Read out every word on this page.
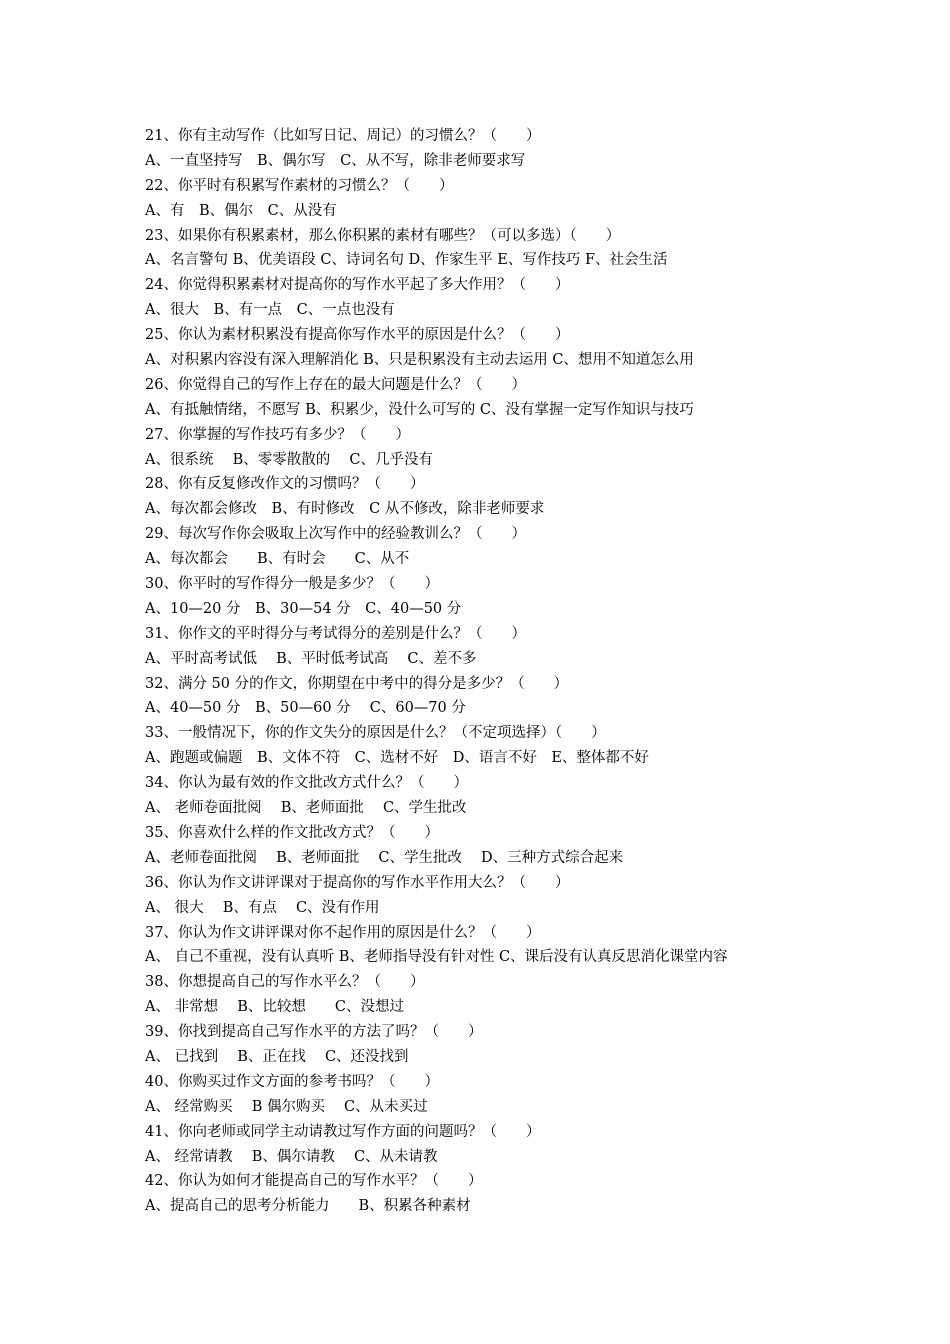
21、你有主动写作（比如写日记、周记）的习惯么？（　　）
A、一直坚持写　B、偶尔写　C、从不写，除非老师要求写
22、你平时有积累写作素材的习惯么？（　　）
A、有　B、偶尔　C、从没有
23、如果你有积累素材，那么你积累的素材有哪些？（可以多选）（　　）
A、名言警句 B、优美语段 C、诗词名句 D、作家生平 E、写作技巧 F、社会生活
24、你觉得积累素材对提高你的写作水平起了多大作用？（　　）
A、很大　B、有一点　C、一点也没有
25、你认为素材积累没有提高你写作水平的原因是什么？（　　）
A、对积累内容没有深入理解消化 B、只是积累没有主动去运用 C、想用不知道怎么用
26、你觉得自己的写作上存在的最大问题是什么？（　　）
A、有抵触情绪，不愿写 B、积累少，没什么可写的 C、没有掌握一定写作知识与技巧
27、你掌握的写作技巧有多少？（　　）
A、很系统　 B、零零散散的　 C、几乎没有
28、你有反复修改作文的习惯吗？（　　）
A、每次都会修改　B、有时修改　C 从不修改，除非老师要求
29、每次写作你会吸取上次写作中的经验教训么？（　　）
A、每次都会　　B、有时会　　C、从不
30、你平时的写作得分一般是多少？（　　）
A、10—20 分　B、30—54 分　C、40—50 分
31、你作文的平时得分与考试得分的差别是什么？（　　）
A、平时高考试低　 B、平时低考试高　 C、差不多
32、满分 50 分的作文，你期望在中考中的得分是多少？（　　）
A、40—50 分　B、50—60 分　 C、60—70 分
33、一般情况下，你的作文失分的原因是什么？（不定项选择）（　　）
A、跑题或偏题　B、文体不符　C、选材不好　D、语言不好　E、整体都不好
34、你认为最有效的作文批改方式什么？（　　）
A、 老师卷面批阅　 B、老师面批　 C、学生批改
35、你喜欢什么样的作文批改方式？（　　）
A、老师卷面批阅　 B、老师面批　 C、学生批改　 D、三种方式综合起来
36、你认为作文讲评课对于提高你的写作水平作用大么？（　　）
A、 很大　 B、有点　 C、没有作用
37、你认为作文讲评课对你不起作用的原因是什么？（　　）
A、 自己不重视，没有认真听 B、老师指导没有针对性 C、课后没有认真反思消化课堂内容
38、你想提高自己的写作水平么？（　　）
A、 非常想　 B、比较想　　C、没想过
39、你找到提高自己写作水平的方法了吗？（　　）
A、 已找到　 B、正在找　 C、还没找到
40、你购买过作文方面的参考书吗？（　　）
A、 经常购买　 B 偶尔购买　 C、从未买过
41、你向老师或同学主动请教过写作方面的问题吗？（　　）
A、 经常请教　 B、偶尔请教　 C、从未请教
42、你认为如何才能提高自己的写作水平？（　　）
A、提高自己的思考分析能力　　B、积累各种素材
